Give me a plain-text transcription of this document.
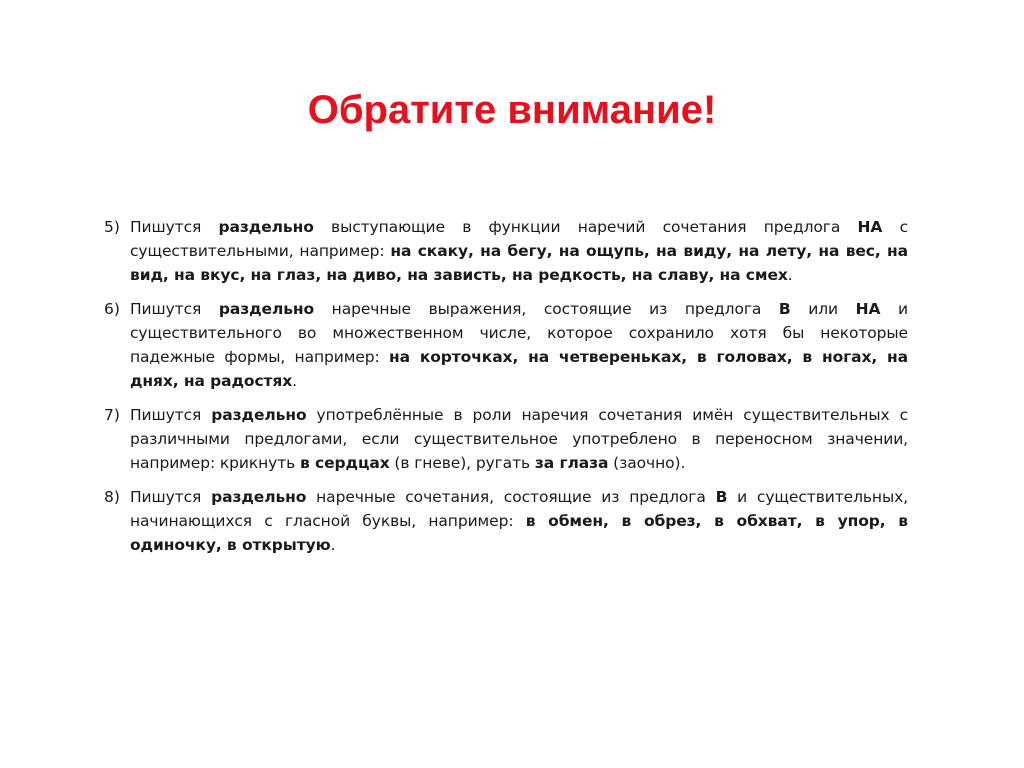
Обратите внимание!
5) Пишутся раздельно выступающие в функции наречий сочетания предлога НА с существительными, например: на скаку, на бегу, на ощупь, на виду, на лету, на вес, на вид, на вкус, на глаз, на диво, на зависть, на редкость, на славу, на смех.
6) Пишутся раздельно наречные выражения, состоящие из предлога В или НА и существительного во множественном числе, которое сохранило хотя бы некоторые падежные формы, например: на корточках, на четвереньках, в головах, в ногах, на днях, на радостях.
7) Пишутся раздельно употреблённые в роли наречия сочетания имён существительных с различными предлогами, если существительное употреблено в переносном значении, например: крикнуть в сердцах (в гневе), ругать за глаза (заочно).
8) Пишутся раздельно наречные сочетания, состоящие из предлога В и существительных, начинающихся с гласной буквы, например: в обмен, в обрез, в обхват, в упор, в одиночку, в открытую.
